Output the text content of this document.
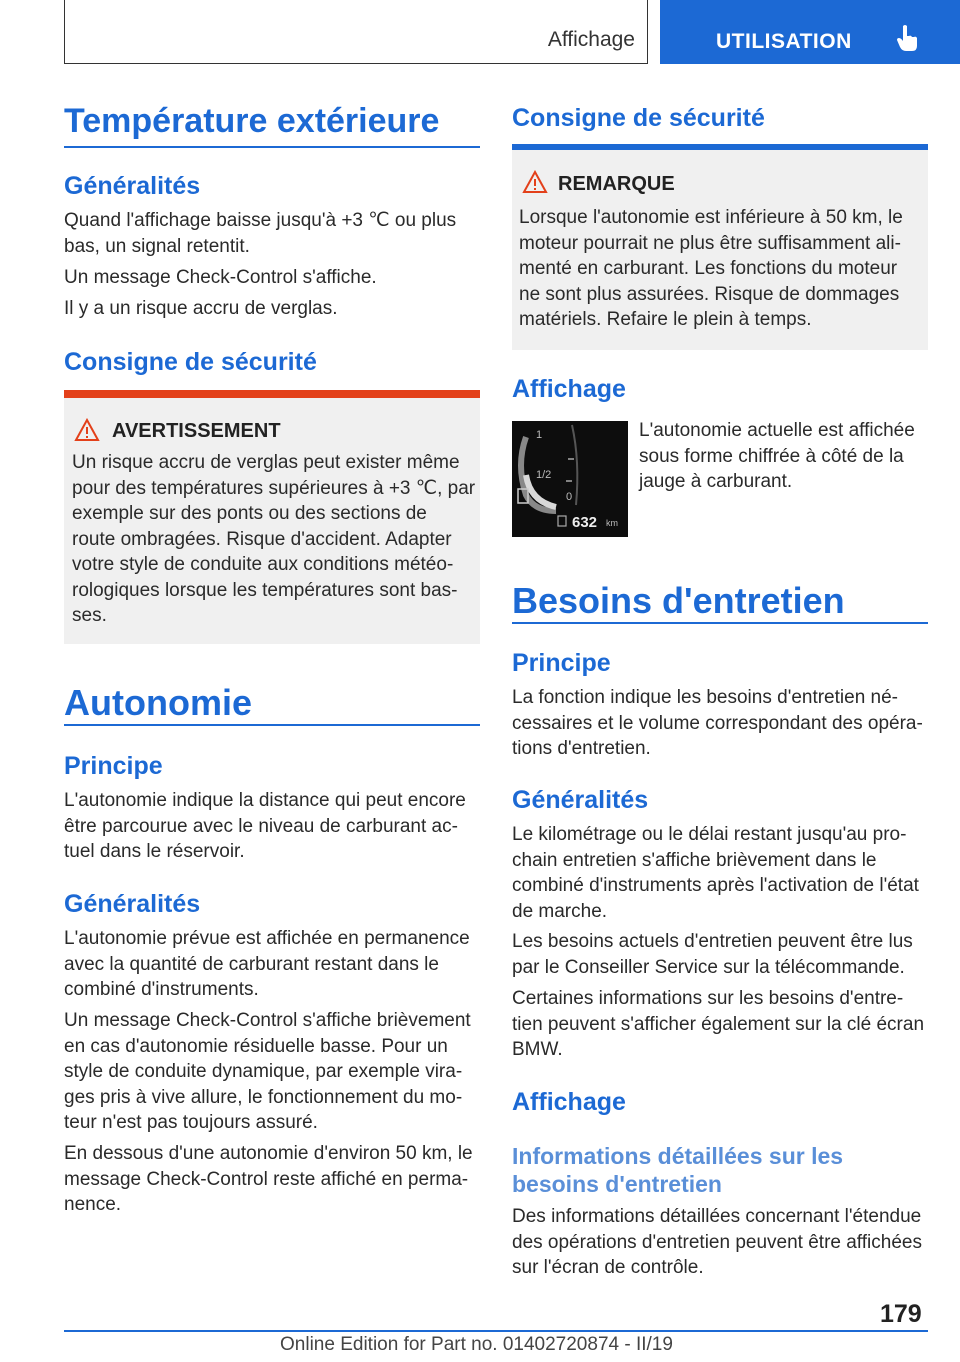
Affichage	UTILISATION
Température extérieure
Généralités
Quand l'affichage baisse jusqu'à +3 ℃ ou plus
bas, un signal retentit.
Un message Check-Control s'affiche.
Il y a un risque accru de verglas.
Consigne de sécurité
AVERTISSEMENT
Un risque accru de verglas peut exister même
pour des températures supérieures à +3 ℃, par
exemple sur des ponts ou des sections de
route ombragées. Risque d'accident. Adapter
votre style de conduite aux conditions météo-
rologiques lorsque les températures sont bas-
ses.
Autonomie
Principe
L'autonomie indique la distance qui peut encore
être parcourue avec le niveau de carburant ac-
tuel dans le réservoir.
Généralités
L'autonomie prévue est affichée en permanence
avec la quantité de carburant restant dans le
combiné d'instruments.
Un message Check-Control s'affiche brièvement
en cas d'autonomie résiduelle basse. Pour un
style de conduite dynamique, par exemple vira-
ges pris à vive allure, le fonctionnement du mo-
teur n'est pas toujours assuré.
En dessous d'une autonomie d'environ 50 km, le
message Check-Control reste affiché en perma-
nence.
Consigne de sécurité
REMARQUE
Lorsque l'autonomie est inférieure à 50 km, le
moteur pourrait ne plus être suffisamment ali-
menté en carburant. Les fonctions du moteur
ne sont plus assurées. Risque de dommages
matériels. Refaire le plein à temps.
Affichage
1
1/2
0
632 km
L'autonomie actuelle est affichée
sous forme chiffrée à côté de la
jauge à carburant.
Besoins d'entretien
Principe
La fonction indique les besoins d'entretien né-
cessaires et le volume correspondant des opéra-
tions d'entretien.
Généralités
Le kilométrage ou le délai restant jusqu'au pro-
chain entretien s'affiche brièvement dans le
combiné d'instruments après l'activation de l'état
de marche.
Les besoins actuels d'entretien peuvent être lus
par le Conseiller Service sur la télécommande.
Certaines informations sur les besoins d'entre-
tien peuvent s'afficher également sur la clé écran
BMW.
Affichage
Informations détaillées sur les
besoins d'entretien
Des informations détaillées concernant l'étendue
des opérations d'entretien peuvent être affichées
sur l'écran de contrôle.
179
Online Edition for Part no. 01402720874 - II/19
